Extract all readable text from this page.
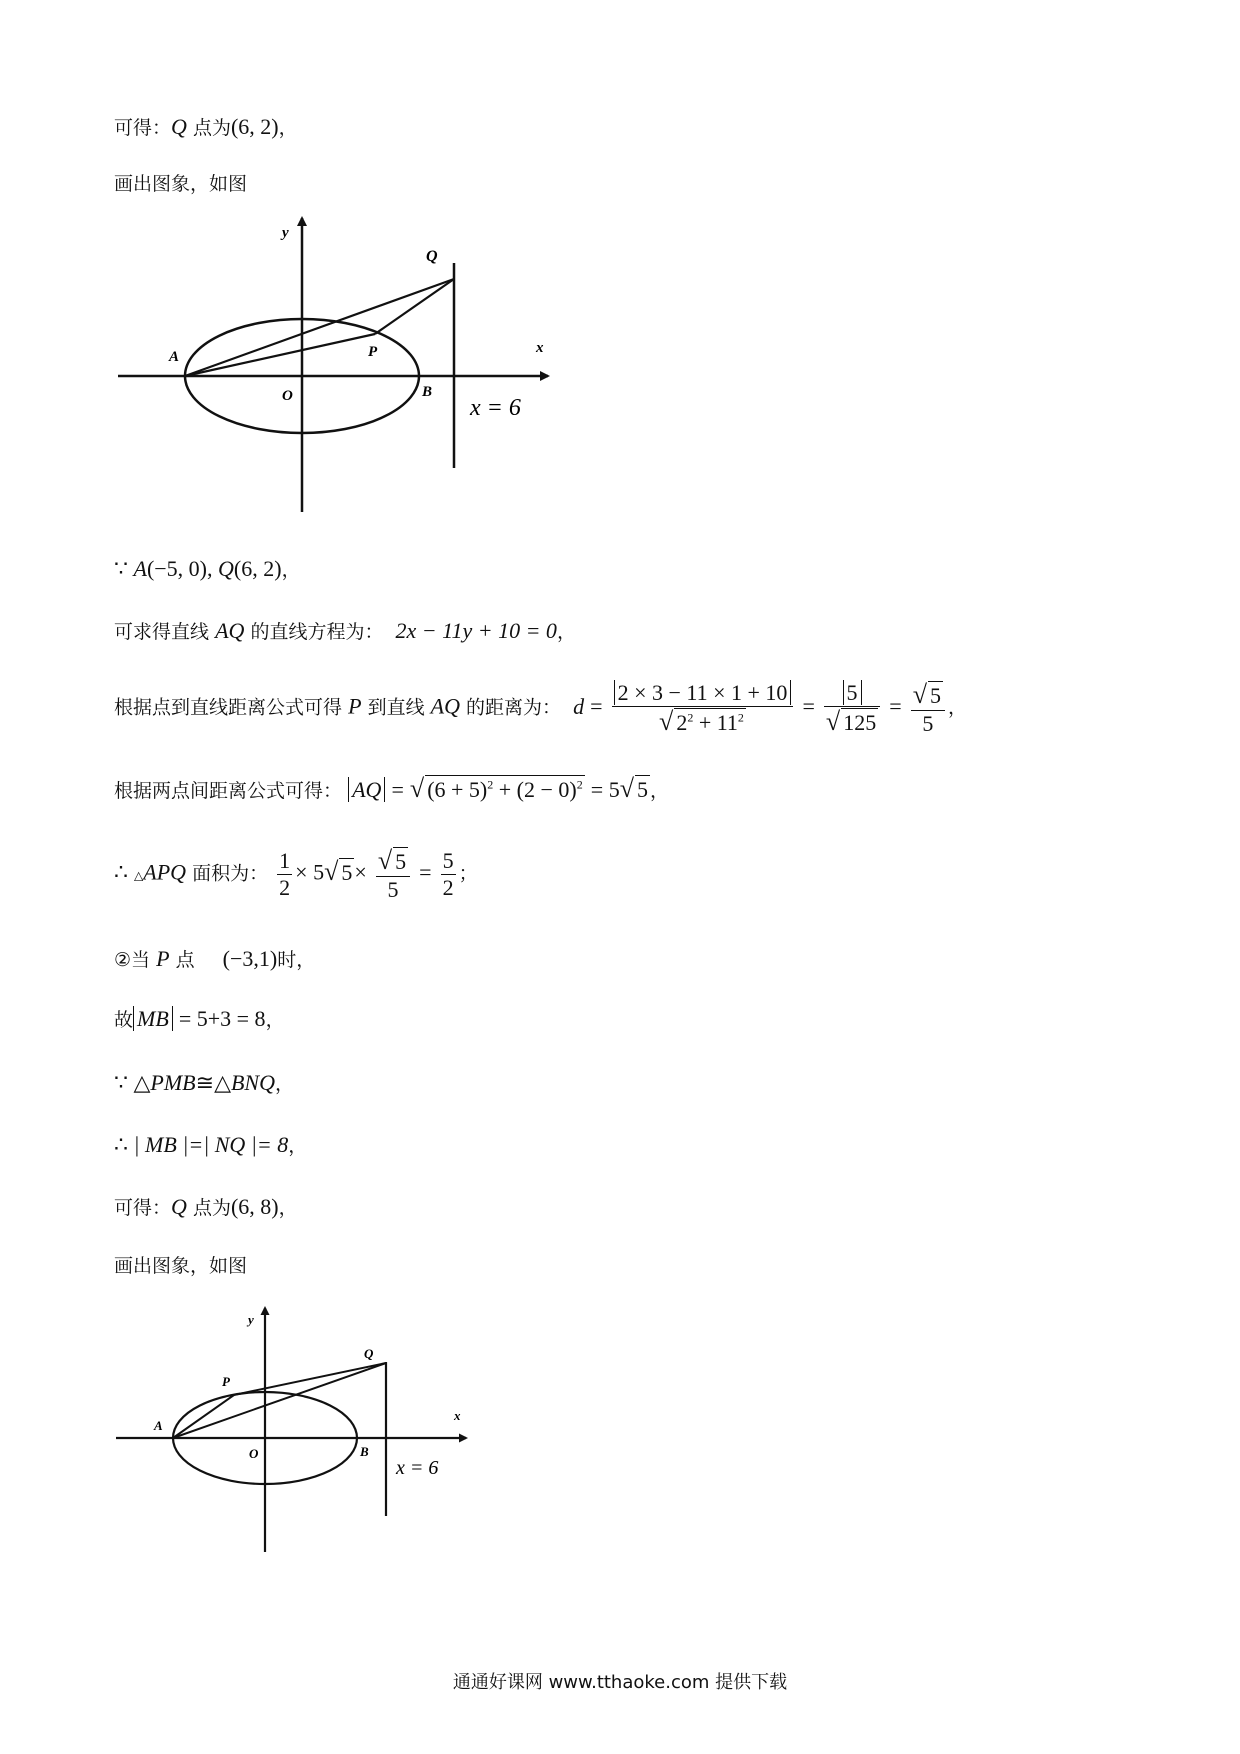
可得：Q 点为(6, 2)，
画出图象，如图
y
x
Q
A	P
O	B
x = 6
∵ A(−5, 0), Q(6, 2)，
可求得直线 AQ 的直线方程为： 2x − 11y + 10 = 0，
根据点到直线距离公式可得 P 到直线 AQ 的距离为： $d = \frac{2 \times 3 - 11 \times 1 + 10}{√ 2^2 + 11^2} = \frac{5}{√ 125} = \frac{√ 5}{5}$ ，
根据两点间距离公式可得： AQ = √ $(6 + 5)^2 + (2 - 0)^2 = 5√$ 5 ，
∴ △APQ 面积为： $\frac{1}{2} \times 5√$ $5\times \frac{√ 5}{5} = \frac{5}{2}$ ；
②当 P 点 (−3,1)时，
故 MB = 5+3 = 8，
∵ △PMB≅△BNQ，
∴ | MB |=| NQ |= 8，
可得：Q 点为(6, 8)，
画出图象，如图
y
x
Q
A
P
O	B
x = 6
通通好课网 www.tthaoke.com 提供下载
